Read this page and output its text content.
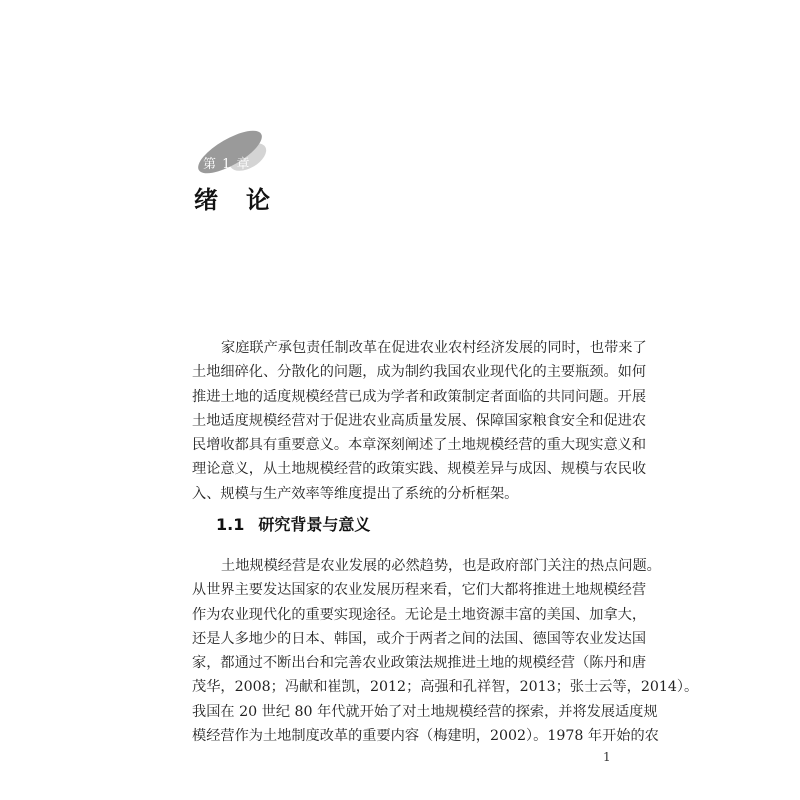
第 1 章
绪论
家庭联产承包责任制改革在促进农业农村经济发展的同时，也带来了
土地细碎化、分散化的问题，成为制约我国农业现代化的主要瓶颈。如何
推进土地的适度规模经营已成为学者和政策制定者面临的共同问题。开展
土地适度规模经营对于促进农业高质量发展、保障国家粮食安全和促进农
民增收都具有重要意义。本章深刻阐述了土地规模经营的重大现实意义和
理论意义，从土地规模经营的政策实践、规模差异与成因、规模与农民收
入、规模与生产效率等维度提出了系统的分析框架。
1.1 研究背景与意义
土地规模经营是农业发展的必然趋势，也是政府部门关注的热点问题。
从世界主要发达国家的农业发展历程来看，它们大都将推进土地规模经营
作为农业现代化的重要实现途径。无论是土地资源丰富的美国、加拿大，
还是人多地少的日本、韩国，或介于两者之间的法国、德国等农业发达国
家，都通过不断出台和完善农业政策法规推进土地的规模经营（陈丹和唐
茂华，2008；冯献和崔凯，2012；高强和孔祥智，2013；张士云等，2014）。
我国在 20 世纪 80 年代就开始了对土地规模经营的探索，并将发展适度规
模经营作为土地制度改革的重要内容（梅建明，2002）。1978 年开始的农
1
